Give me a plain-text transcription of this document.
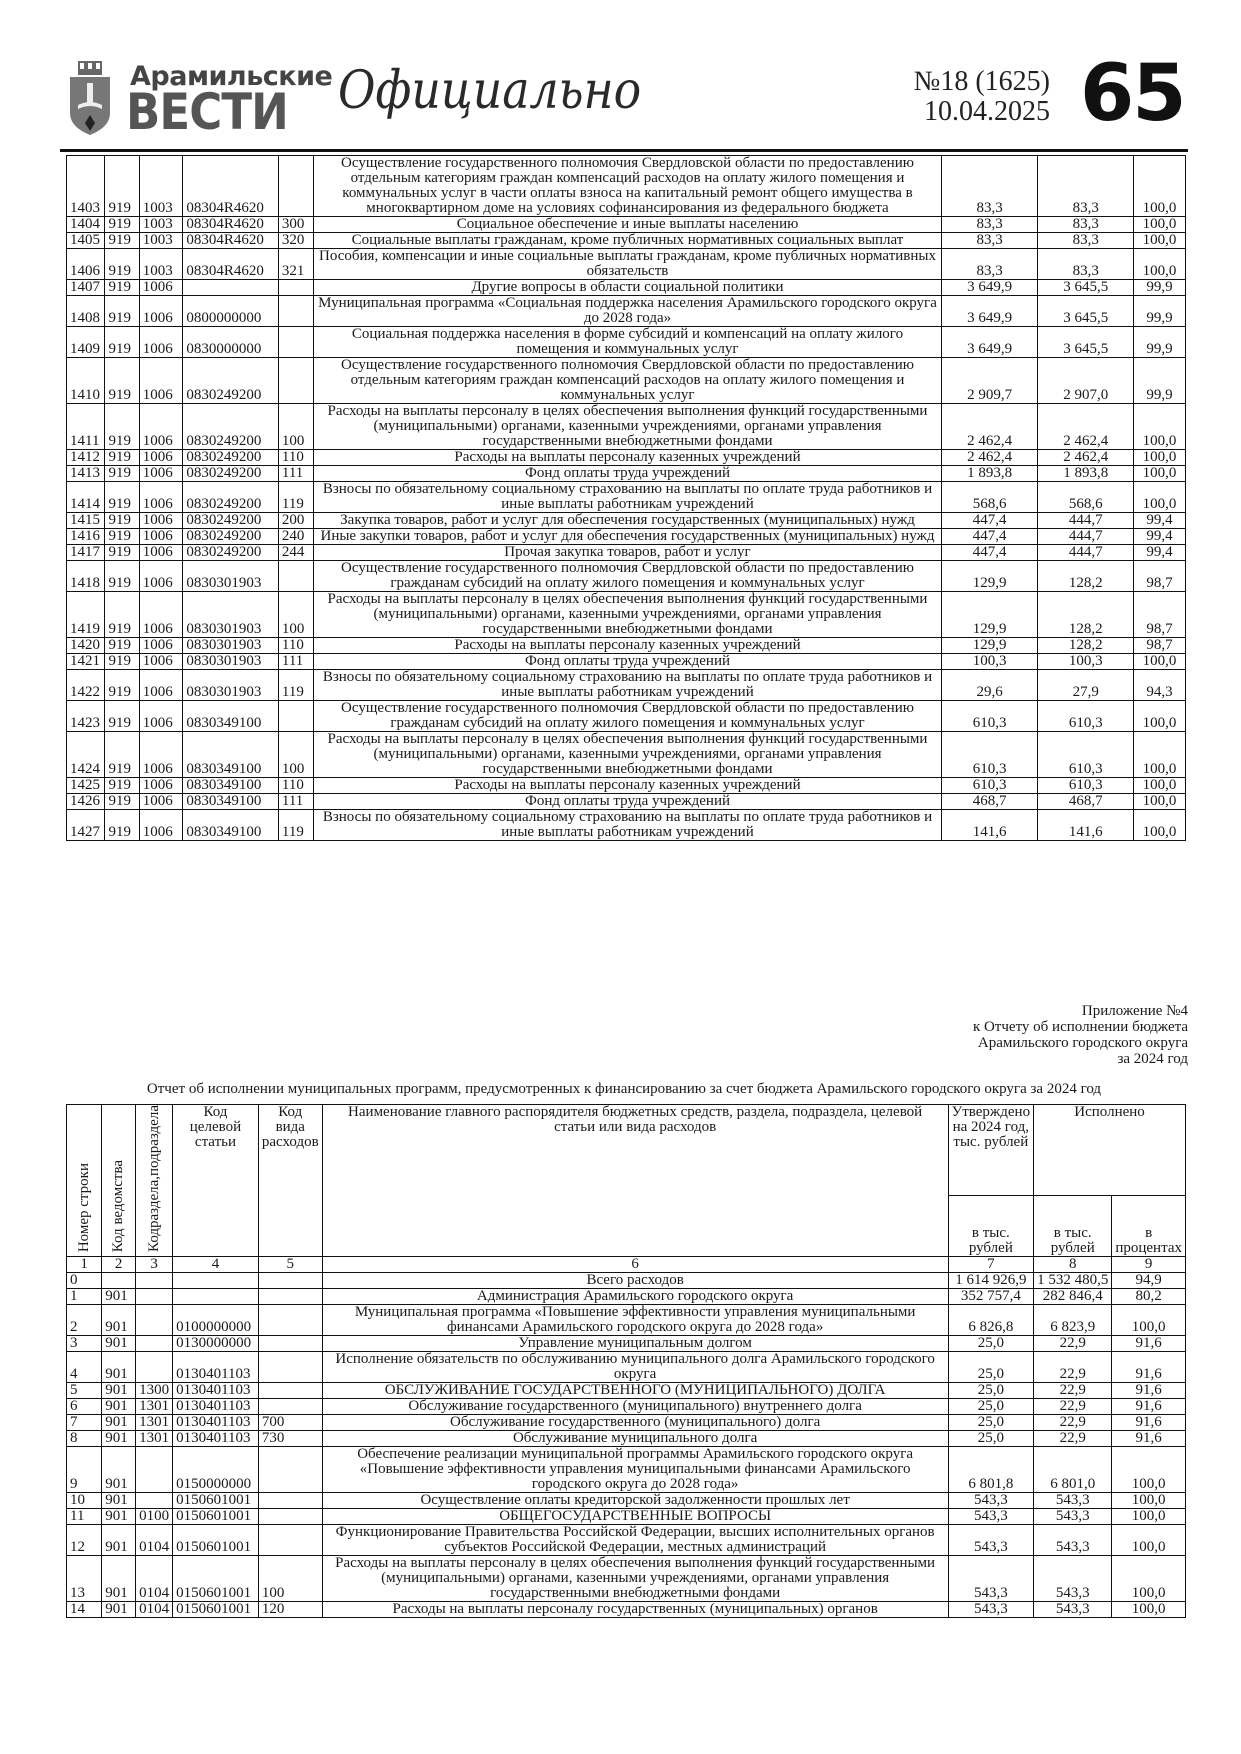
Арамильские
ВЕСТИ Официально	№18 (1625)
10.04.2025 65
1403	919	1003	08304R4620		Осуществление государственного полномочия Свердловской области по предоставлению отдельным категориям граждан компенсаций расходов на оплату жилого помещения и коммунальных услуг в части оплаты взноса на капитальный ремонт общего имущества в многоквартирном доме на условиях софинансирования из федерального бюджета	83,3	83,3	100,0
1404	919	1003	08304R4620	300	Социальное обеспечение и иные выплаты населению	83,3	83,3	100,0
1405	919	1003	08304R4620	320	Социальные выплаты гражданам, кроме публичных нормативных социальных выплат	83,3	83,3	100,0
1406	919	1003	08304R4620	321	Пособия, компенсации и иные социальные выплаты гражданам, кроме публичных нормативных обязательств	83,3	83,3	100,0
1407	919	1006			Другие вопросы в области социальной политики	3 649,9	3 645,5	99,9
1408	919	1006	0800000000		Муниципальная программа «Социальная поддержка населения Арамильского городского округа до 2028 года»	3 649,9	3 645,5	99,9
1409	919	1006	0830000000		Социальная поддержка населения в форме субсидий и компенсаций на оплату жилого помещения и коммунальных услуг	3 649,9	3 645,5	99,9
1410	919	1006	0830249200		Осуществление государственного полномочия Свердловской области по предоставлению отдельным категориям граждан компенсаций расходов на оплату жилого помещения и коммунальных услуг	2 909,7	2 907,0	99,9
1411	919	1006	0830249200	100	Расходы на выплаты персоналу в целях обеспечения выполнения функций государственными (муниципальными) органами, казенными учреждениями, органами управления государственными внебюджетными фондами	2 462,4	2 462,4	100,0
1412	919	1006	0830249200	110	Расходы на выплаты персоналу казенных учреждений	2 462,4	2 462,4	100,0
1413	919	1006	0830249200	111	Фонд оплаты труда учреждений	1 893,8	1 893,8	100,0
1414	919	1006	0830249200	119	Взносы по обязательному социальному страхованию на выплаты по оплате труда работников и иные выплаты работникам учреждений	568,6	568,6	100,0
1415	919	1006	0830249200	200	Закупка товаров, работ и услуг для обеспечения государственных (муниципальных) нужд	447,4	444,7	99,4
1416	919	1006	0830249200	240	Иные закупки товаров, работ и услуг для обеспечения государственных (муниципальных) нужд	447,4	444,7	99,4
1417	919	1006	0830249200	244	Прочая закупка товаров, работ и услуг	447,4	444,7	99,4
1418	919	1006	0830301903		Осуществление государственного полномочия Свердловской области по предоставлению гражданам субсидий на оплату жилого помещения и коммунальных услуг	129,9	128,2	98,7
1419	919	1006	0830301903	100	Расходы на выплаты персоналу в целях обеспечения выполнения функций государственными (муниципальными) органами, казенными учреждениями, органами управления государственными внебюджетными фондами	129,9	128,2	98,7
1420	919	1006	0830301903	110	Расходы на выплаты персоналу казенных учреждений	129,9	128,2	98,7
1421	919	1006	0830301903	111	Фонд оплаты труда учреждений	100,3	100,3	100,0
1422	919	1006	0830301903	119	Взносы по обязательному социальному страхованию на выплаты по оплате труда работников и иные выплаты работникам учреждений	29,6	27,9	94,3
1423	919	1006	0830349100		Осуществление государственного полномочия Свердловской области по предоставлению гражданам субсидий на оплату жилого помещения и коммунальных услуг	610,3	610,3	100,0
1424	919	1006	0830349100	100	Расходы на выплаты персоналу в целях обеспечения выполнения функций государственными (муниципальными) органами, казенными учреждениями, органами управления государственными внебюджетными фондами	610,3	610,3	100,0
1425	919	1006	0830349100	110	Расходы на выплаты персоналу казенных учреждений	610,3	610,3	100,0
1426	919	1006	0830349100	111	Фонд оплаты труда учреждений	468,7	468,7	100,0
1427	919	1006	0830349100	119	Взносы по обязательному социальному страхованию на выплаты по оплате труда работников и иные выплаты работникам учреждений	141,6	141,6	100,0
Приложение №4
к Отчету об исполнении бюджета
Арамильского городского округа
за 2024 год
Отчет об исполнении муниципальных программ, предусмотренных к финансированию за счет бюджета Арамильского городского округа за 2024 год
Номер строки	Код ведомства	Кодраздела,подраздела	Код целевой статьи	Код вида расходов	Наименование главного распорядителя бюджетных средств, раздела, подраздела, целевой статьи или вида расходов	Утверждено на 2024 год, тыс. рублей	Исполнено	
						в тыс. рублей	в тыс. рублей	в процентах
1	2	3	4	5	6	7	8	9
0					Всего расходов	1 614 926,9	1 532 480,5	94,9
1	901				Администрация Арамильского городского округа	352 757,4	282 846,4	80,2
2	901		0100000000		Муниципальная программа «Повышение эффективности управления муниципальными финансами Арамильского городского округа до 2028 года»	6 826,8	6 823,9	100,0
3	901		0130000000		Управление муниципальным долгом	25,0	22,9	91,6
4	901		0130401103		Исполнение обязательств по обслуживанию муниципального долга Арамильского городского округа	25,0	22,9	91,6
5	901	1300	0130401103		ОБСЛУЖИВАНИЕ ГОСУДАРСТВЕННОГО (МУНИЦИПАЛЬНОГО) ДОЛГА	25,0	22,9	91,6
6	901	1301	0130401103		Обслуживание государственного (муниципального) внутреннего долга	25,0	22,9	91,6
7	901	1301	0130401103	700	Обслуживание государственного (муниципального) долга	25,0	22,9	91,6
8	901	1301	0130401103	730	Обслуживание муниципального долга	25,0	22,9	91,6
9	901		0150000000		Обеспечение реализации муниципальной программы Арамильского городского округа «Повышение эффективности управления муниципальными финансами Арамильского городского округа до 2028 года»	6 801,8	6 801,0	100,0
10	901		0150601001		Осуществление оплаты кредиторской задолженности прошлых лет	543,3	543,3	100,0
11	901	0100	0150601001		ОБЩЕГОСУДАРСТВЕННЫЕ ВОПРОСЫ	543,3	543,3	100,0
12	901	0104	0150601001		Функционирование Правительства Российской Федерации, высших исполнительных органов субъектов Российской Федерации, местных администраций	543,3	543,3	100,0
13	901	0104	0150601001	100	Расходы на выплаты персоналу в целях обеспечения выполнения функций государственными (муниципальными) органами, казенными учреждениями, органами управления государственными внебюджетными фондами	543,3	543,3	100,0
14	901	0104	0150601001	120	Расходы на выплаты персоналу государственных (муниципальных) органов	543,3	543,3	100,0
